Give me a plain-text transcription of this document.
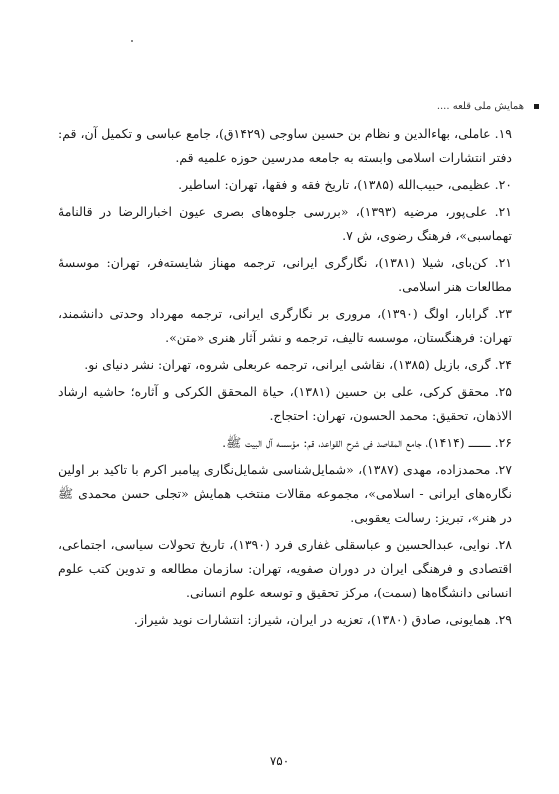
همایش ملی قلعه ....

۱۹. عاملی، بهاءالدین و نظام بن حسین ساوجی (۱۴۲۹ق)، جامع عباسی و تکمیل آن، قم: دفتر انتشارات اسلامی وابسته به جامعه مدرسین حوزه علمیه قم.

۲۰. عظیمی، حبیب‌الله (۱۳۸۵)، تاریخ فقه و فقها، تهران: اساطیر.

۲۱. علی‌پور، مرضیه (۱۳۹۳)، «بررسی جلوه‌های بصری عیون اخبارالرضا در قالنامهٔ تهماسبی»، فرهنگ رضوی، ش ۷.

۲۱. کن‌بای، شیلا (۱۳۸۱)، نگارگری ایرانی، ترجمه مهناز شایسته‌فر، تهران: موسسهٔ مطالعات هنر اسلامی.

۲۳. گرابار، اولگ (۱۳۹۰)، مروری بر نگارگری ایرانی، ترجمه مهرداد وحدتی دانشمند، تهران: فرهنگستان، موسسه تالیف، ترجمه و نشر آثار هنری «متن».

۲۴. گری، بازیل (۱۳۸۵)، نقاشی ایرانی، ترجمه عربعلی شروه، تهران: نشر دنیای نو.

۲۵. محقق کرکی، علی بن حسین (۱۳۸۱)، حیاة المحقق الکرکی و آثاره؛ حاشیه ارشاد الاذهان، تحقیق: محمد الحسون، تهران: احتجاج.

۲۶. ــــــ (۱۴۱۴)، جامع المقاصد فی شرح القواعد، قم: مؤسسه آل البیت ﷺ.

۲۷. محمدزاده، مهدی (۱۳۸۷)، «شمایل‌شناسی شمایل‌نگاری پیامبر اکرم با تاکید بر اولین نگاره‌های ایرانی - اسلامی»، مجموعه مقالات منتخب همایش «تجلی حسن محمدی ﷺ در هنر»، تبریز: رسالت یعقوبی.

۲۸. نوایی، عبدالحسین و عباسقلی غفاری فرد (۱۳۹۰)، تاریخ تحولات سیاسی، اجتماعی، اقتصادی و فرهنگی ایران در دوران صفویه، تهران: سازمان مطالعه و تدوین کتب علوم انسانی دانشگاه‌ها (سمت)، مرکز تحقیق و توسعه علوم انسانی.

۲۹. همایونی، صادق (۱۳۸۰)، تعزیه در ایران، شیراز: انتشارات نوید شیراز.

۷۵۰
